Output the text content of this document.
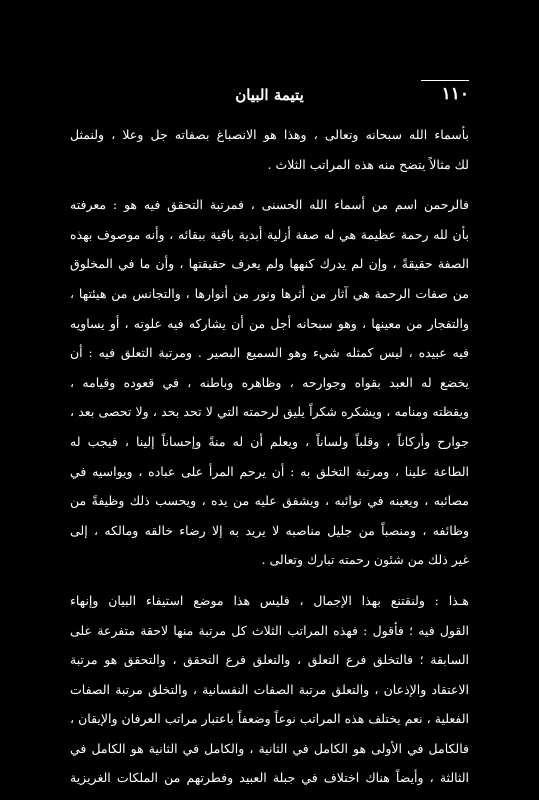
١١٠
يتيمة البيان
بأسماء الله سبحانه وتعالى ، وهذا هو الانصباغ بصفاته جل وعلا ، ولنمثل
لك مثالاً يتضح منه هذه المراتب الثلاث .
فالرحمن اسم من أسماء الله الحسنى ، فمرتبة التحقق فيه هو : معرفته
بأن لله رحمة عظيمة هي له صفة أزلية أبدية باقية ببقائه ، وأنه موصوف بهذه
الصفة حقيقةً ، وإن لم يدرك كنهها ولم يعرف حقيقتها ، وأن ما في المخلوق
من صفات الرحمة هي آثار من أثرها ونور من أنوارها ، والتجانس من هيئتها ،
والتفجار من معينها ، وهو سبحانه أجل من أن يشاركه فيه علوته ، أو يساويه
فيه عبيده ، ليس كمثله شيء وهو السميع البصير . ومرتبة التعلق فيه : أن
يخضع له العبد بقواه وجوارحه ، وظاهره وباطنه ، في قعوده وقيامه ،
ويقظته ومنامه ، ويشكره شكراً يليق لرحمته التي لا تحد بحد ، ولا تحصى بعد ،
جوارح وأركاناً ، وقلباً ولساناً ، ويعلم أن له منةً وإحساناً إلينا ، فيجب له
الطاعة علينا ، ومرتبة التخلق به : أن يرحم المرأ على عباده ، ويواسيه في
مصائبه ، ويعينه في نوائبه ، ويشفق عليه من يده ، ويحسب ذلك وظيفةً من
وظائفه ، ومنصباً من جليل مناصبه لا يريد به إلا رضاء خالقه ومالكه ، إلى
غير ذلك من شئون رحمته تبارك وتعالى .
هـذا : ولنقتنع بهذا الإجمال ، فليس هذا موضع استيفاء البيان وإنهاء
القول فيه ؛ فأقول : فهذه المراتب الثلاث كل مرتبة منها لاحقة متفرعة على
السابقة ؛ فالتخلق فرع التعلق ، والتعلق فرع التحقق ، والتحقق هو مرتبة
الاعتقاد والإذعان ، والتعلق مرتبة الصفات النفسانية ، والتخلق مرتبة الصفات
الفعلية ، نعم يختلف هذه المراتب نوعاً وضعفاً باعتبار مراتب العرفان والإيقان ،
فالكامل في الأولى هو الكامل في الثانية ، والكامل في الثانية هو الكامل في
الثالثة ، وأيضاً هناك اختلاف في جبلة العبيد وفطرتهم من الملكات الغريزية
